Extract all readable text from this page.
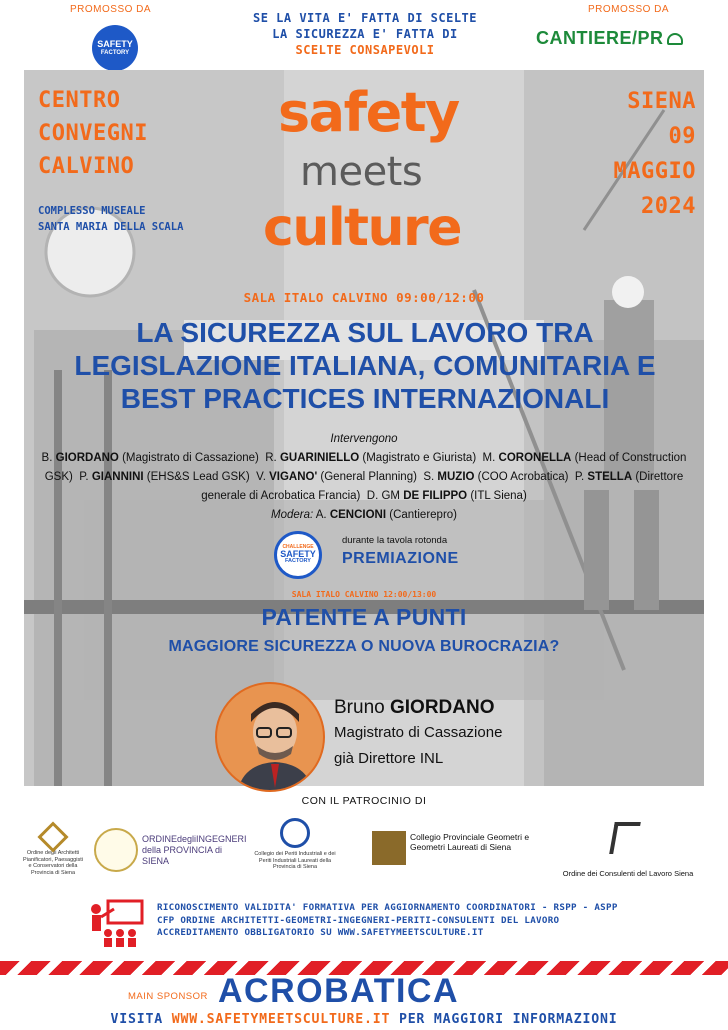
PROMOSSO DA	PROMOSSO DA
SAFETY
FACTORY
CANTIERE/PR
SE LA VITA E' FATTA DI SCELTE
LA SICUREZZA E' FATTA DI
SCELTE CONSAPEVOLI
CENTRO
CONVEGNI
CALVINO
COMPLESSO MUSEALE
SANTA MARIA DELLA SCALA
SIENA
09
MAGGIO
2024
safety
meets
culture
SALA ITALO CALVINO 09:00/12:00
LA SICUREZZA SUL LAVORO TRA LEGISLAZIONE ITALIANA, COMUNITARIA E BEST PRACTICES INTERNAZIONALI
Intervengono
B. GIORDANO (Magistrato di Cassazione) R. GUARINIELLO (Magistrato e Giurista) M. CORONELLA (Head of Construction GSK) P. GIANNINI (EHS&S Lead GSK) V. VIGANO' (General Planning) S. MUZIO (COO Acrobatica) P. STELLA (Direttore generale di Acrobatica Francia) D. GM DE FILIPPO (ITL Siena)
Modera: A. CENCIONI (Cantierepro)
CHALLENGE
SAFETY
FACTORY
durante la tavola rotonda
PREMIAZIONE
SALA ITALO CALVINO 12:00/13:00
PATENTE A PUNTI
MAGGIORE SICUREZZA O NUOVA BUROCRAZIA?
Bruno GIORDANO
Magistrato di Cassazione
già Direttore INL
CON IL PATROCINIO DI
Ordine degli Architetti Pianificatori, Paesaggisti e Conservatori della Provincia di Siena
ORDINEdegliINGEGNERI della PROVINCIA di SIENA
Collegio dei Periti Industriali e dei Periti Industriali Laureati della Provincia di Siena
Collegio Provinciale Geometri e Geometri Laureati di Siena
Ordine dei Consulenti del Lavoro Siena
RICONOSCIMENTO VALIDITA' FORMATIVA PER AGGIORNAMENTO COORDINATORI - RSPP - ASPP
CFP ORDINE ARCHITETTI-GEOMETRI-INGEGNERI-PERITI-CONSULENTI DEL LAVORO
ACCREDITAMENTO OBBLIGATORIO SU WWW.SAFETYMEETSCULTURE.IT
MAIN SPONSOR ACROBATICA
VISITA WWW.SAFETYMEETSCULTURE.IT PER MAGGIORI INFORMAZIONI
